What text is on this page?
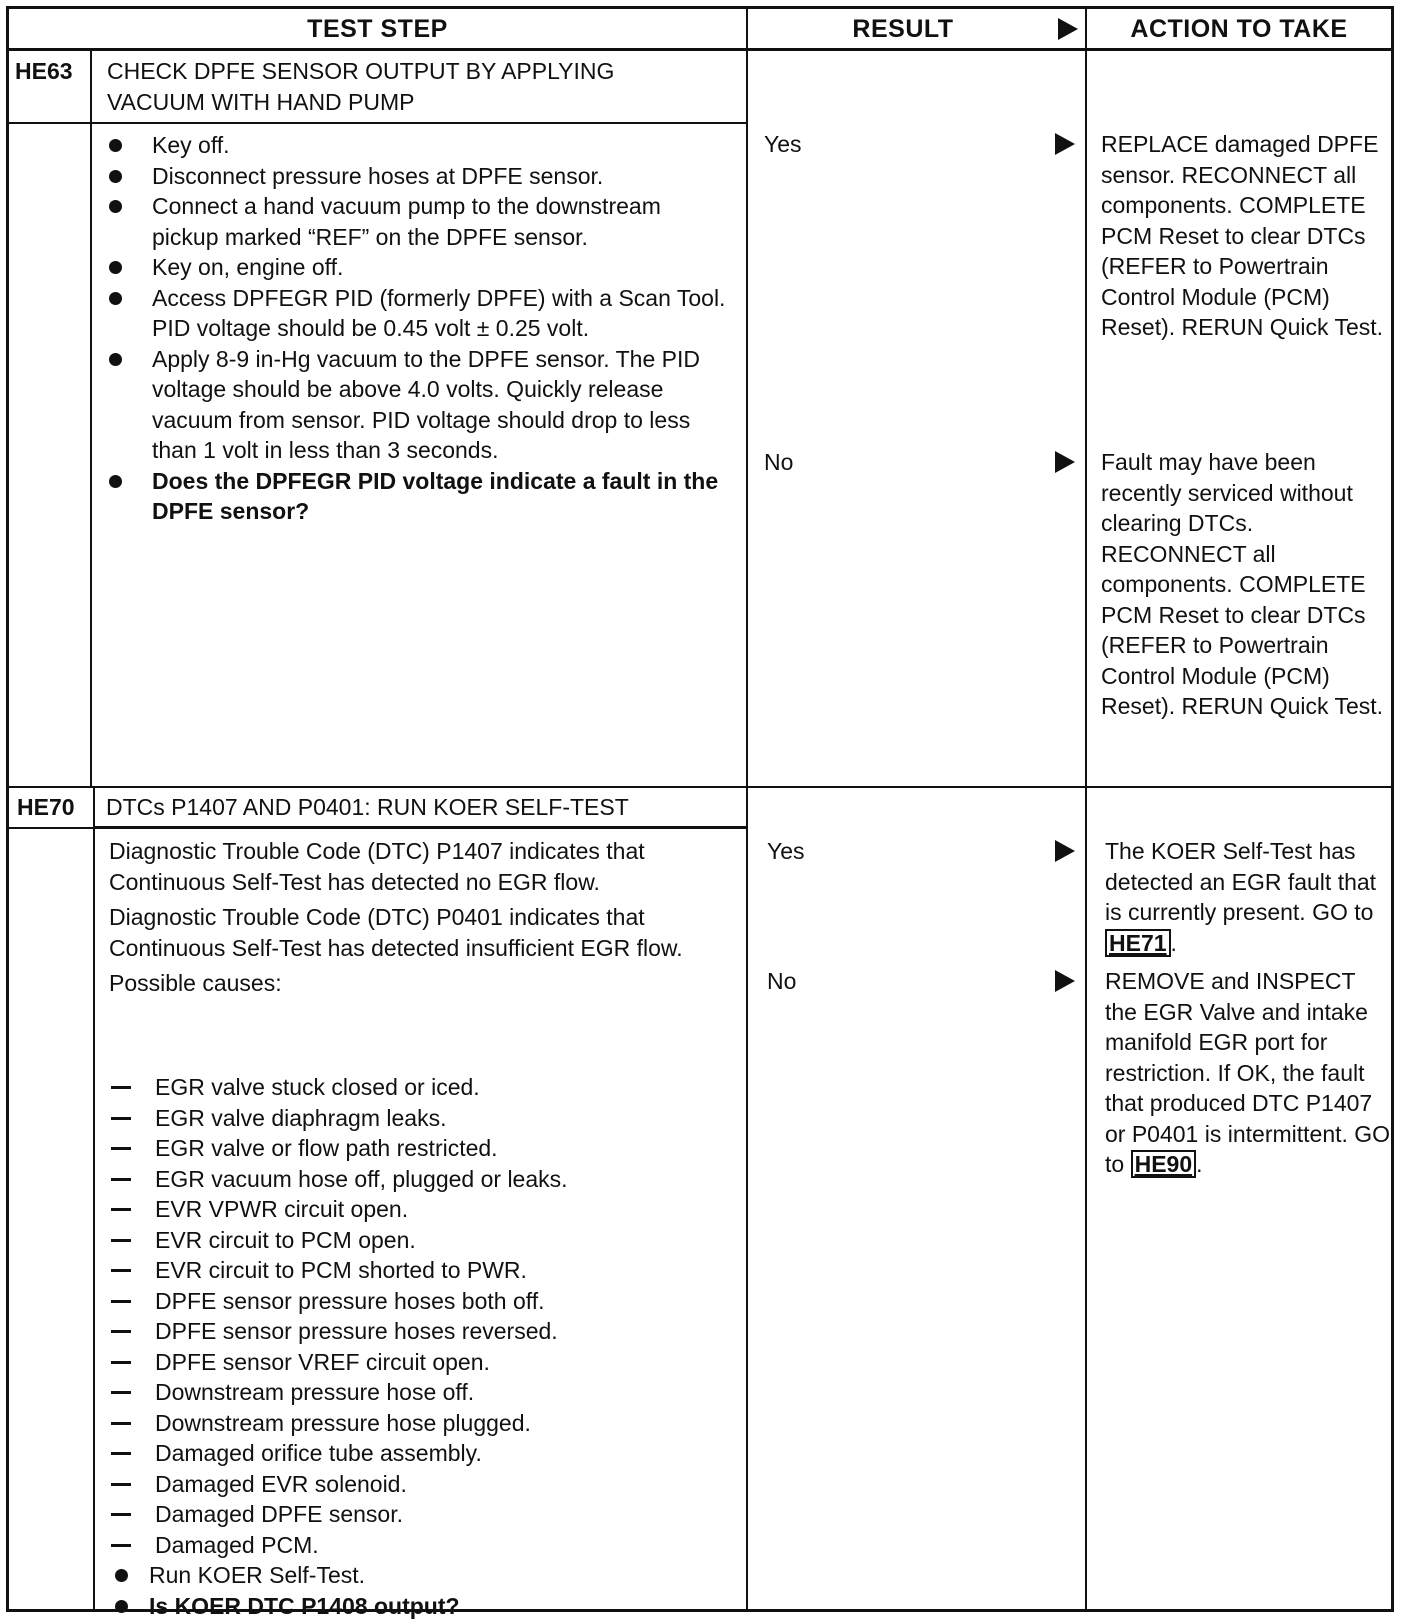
TEST STEP	RESULT	ACTION TO TAKE
HE63 CHECK DPFE SENSOR OUTPUT BY APPLYING
VACUUM WITH HAND PUMP
Key off.
Disconnect pressure hoses at DPFE sensor.
Connect a hand vacuum pump to the downstream pickup marked “REF” on the DPFE sensor.
Key on, engine off.
Access DPFEGR PID (formerly DPFE) with a Scan Tool. PID voltage should be 0.45 volt ± 0.25 volt.
Apply 8-9 in-Hg vacuum to the DPFE sensor. The PID voltage should be above 4.0 volts. Quickly release vacuum from sensor. PID voltage should drop to less than 1 volt in less than 3 seconds.
Does the DPFEGR PID voltage indicate a fault in the DPFE sensor?
Yes	REPLACE damaged DPFE sensor. RECONNECT all components. COMPLETE PCM Reset to clear DTCs (REFER to Powertrain Control Module (PCM) Reset). RERUN Quick Test.
No	Fault may have been recently serviced without clearing DTCs. RECONNECT all components. COMPLETE PCM Reset to clear DTCs (REFER to Powertrain Control Module (PCM) Reset). RERUN Quick Test.
HE70 DTCs P1407 AND P0401: RUN KOER SELF-TEST

Diagnostic Trouble Code (DTC) P1407 indicates that Continuous Self-Test has detected no EGR flow.

Diagnostic Trouble Code (DTC) P0401 indicates that Continuous Self-Test has detected insufficient EGR flow.

Possible causes:

EGR valve stuck closed or iced.
EGR valve diaphragm leaks.
EGR valve or flow path restricted.
EGR vacuum hose off, plugged or leaks.
EVR VPWR circuit open.
EVR circuit to PCM open.
EVR circuit to PCM shorted to PWR.
DPFE sensor pressure hoses both off.
DPFE sensor pressure hoses reversed.
DPFE sensor VREF circuit open.
Downstream pressure hose off.
Downstream pressure hose plugged.
Damaged orifice tube assembly.
Damaged EVR solenoid.
Damaged DPFE sensor.
Damaged PCM.
Run KOER Self-Test.
Is KOER DTC P1408 output?
Yes	The KOER Self-Test has detected an EGR fault that is currently present. GO to HE71 .
No	REMOVE and INSPECT the EGR Valve and intake manifold EGR port for restriction. If OK, the fault that produced DTC P1407 or P0401 is intermittent. GO to HE90 .
